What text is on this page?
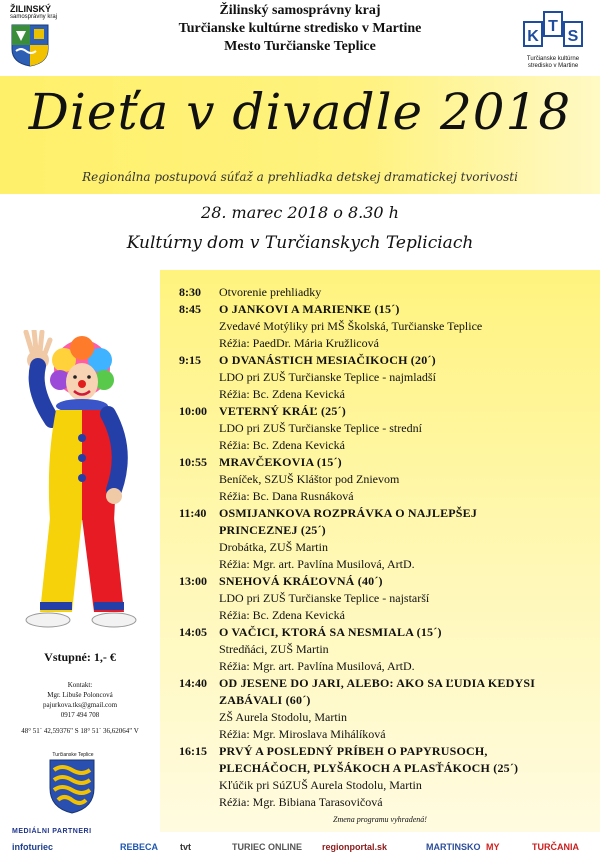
ŽILINSKÝ
samosprávny kraj	Žilinský samosprávny kraj
Turčianske kultúrne stredisko v Martine
Mesto Turčianske Teplice
K
T
S
Turčianske kultúrne stredisko v Martine
Dieťa v divadle 2018
Regionálna postupová súťaž a prehliadka detskej dramatickej tvorivosti
28. marec 2018 o 8.30 h
Kultúrny dom v Turčianskych Tepliciach
8:30	Otvorenie prehliadky
8:45	O JANKOVI A MARIENKE (15´)
Zvedavé Motýliky pri MŠ Školská, Turčianske Teplice
Réžia: PaedDr. Mária Kružlicová
9:15	O DVANÁSTICH MESIAČIKOCH (20´)
LDO pri ZUŠ Turčianske Teplice - najmladší
Réžia: Bc. Zdena Kevická
10:00	VETERNÝ KRÁĽ (25´)
LDO pri ZUŠ Turčianske Teplice - strední
Réžia: Bc. Zdena Kevická
10:55	MRAVČEKOVIA (15´)
Beníček, SZUŠ Kláštor pod Znievom
Réžia: Bc. Dana Rusnáková
11:40	OSMIJANKOVA ROZPRÁVKA O NAJLEPŠEJ
PRINCEZNEJ (25´)
Drobátka, ZUŠ Martin
Réžia: Mgr. art. Pavlína Musilová, ArtD.
13:00	SNEHOVÁ KRÁĽOVNÁ (40´)
LDO pri ZUŠ Turčianske Teplice - najstarší
Réžia: Bc. Zdena Kevická
14:05	O VAČICI, KTORÁ SA NESMIALA (15´)
Stredňáci, ZUŠ Martin
Réžia: Mgr. art. Pavlína Musilová, ArtD.
14:40	OD JESENE DO JARI, ALEBO: AKO SA ĽUDIA KEDYSI
ZABÁVALI (60´)
ZŠ Aurela Stodolu, Martin
Réžia: Mgr. Miroslava Mihálíková
16:15	PRVÝ A POSLEDNÝ PRÍBEH O PAPYRUSOCH,
PLECHÁČOCH, PLYŠÁKOCH A PLASŤÁKOCH (25´)
Kľúčik pri SúZUŠ Aurela Stodolu, Martin
Réžia: Mgr. Bibiana Tarasovičová
Zmena programu vyhradená!
Vstupné: 1,- €
Kontakt:
Mgr. Libuše Poloncová
pajurkova.tks@gmail.com
0917 494 708
48° 51´ 42,59376" S 18° 51´ 36,62064" V
Turčianske Teplice
MEDIÁLNI PARTNERI
infoturiec	REBECA tvt	TURIEC ONLINE regionportal.sk	MARTINSKO MY	TURČANIA
